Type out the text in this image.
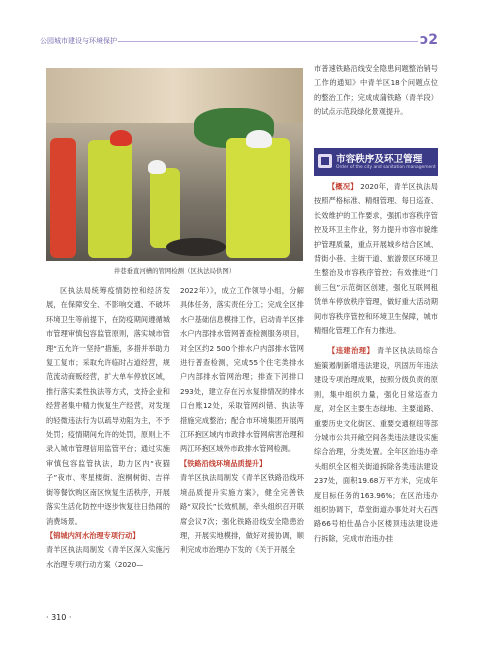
公园城市建设与环境保护	ↄ2
井巷垂直河槽的管网检测（区执法局供图）

区执法局统筹疫情防控和经济发展，在保障安全、不影响交通、不破坏环境卫生等前提下，在防疫期间遵循城市管理审慎包容监管原则，落实城市管理“五允许一坚持”措施，多措并举助力复工复市；采取允许临时占道经营，规范流动商贩经营，扩大单车停放区域，推行落实柔性执法等方式，支持企业和经营者集中精力恢复生产经营，对发现的轻微违法行为以疏导劝阻为主，不予处罚；疫情期间允许的处罚，原则上不录入城市管理信用监管平台；通过实施审慎包容监管执法，助力区内“夜猫子”夜市、枣星楼街、泡桐树街、吉祥街等餐饮购区南区恢复生活秩序，开展落实生活化防控中逐步恢复往日热闹的消费场景。

【锦城内河水治理专项行动】

青羊区执法局制发《青羊区深入实施污水治理专项行动方案（2020—

2022年）》，成立工作领导小组，分解具体任务，落实责任分工；完成全区排水户基础信息模排工作，启动青羊区排水户内部排水管网普查检测服务项目，对全区约2 500个排水户内部排水管网进行普查检测，完成55个住宅类排水户内部排水管网治理；排查下河排口293处，建立存在污水复排情况的排水口台账12处，采取管网纠错、执法等措施完成整治；配合市环境集团开展两江环抱区域内市政排水管网病害治理和两江环抱区域外市政排水管网检测。

【铁路沿线环境品质提升】

青羊区执法局制发《青羊区铁路沿线环境品质提升实施方案》，健全完善铁路“双段长”长效机制，牵头组织召开联席会议7次；强化铁路沿线安全隐患治理，开展实地模排，做好对接协调，顺利完成市治理办下发的《关于开展全

市普速铁路沿线安全隐患问题整治销号工作的通知》中青羊区18个问题点位的整治工作；完成成蒲铁路（青羊段）的试点示范段绿化景观提升。

市容秩序及环卫管理
Order of the city and sanitation management

【概况】 2020年，青羊区执法局按照严格标准、精细管理、每日巡查、长效维护的工作要求，强抓市容秩序管控及环卫主作业，努力提升市容市貌维护管理质量，重点开展城乡结合区域、背街小巷、主街干道、旅游景区环境卫生整治及市容秩序管控；有效推进“门前三包”示范街区创建，强化互联网租赁单车停放秩序管理，做好重大活动期间市容秩序管控和环境卫生保障，城市精细化管理工作有力推进。

【违建治理】 青羊区执法局综合施策遏制新增违法建设，巩固历年违法建设专项治理成果，按照分级负责的原则，集中组织力量，强化日常巡查力度，对全区主要生态绿地、主要道路、重要历史文化街区、重要交通枢纽等部分城市公共开敞空间各类违法建设实施综合治理，分类处置。全年区治违办牵头组织全区相关街道拆除各类违法建设237处，面积19.68万平方米，完成年度目标任务的163.96%；在区治违办组织协调下，草堂街道办事处对大石西路66号柏仕晶合小区楼顶违法建设进行拆除，完成市治违办挂

· 310 ·
